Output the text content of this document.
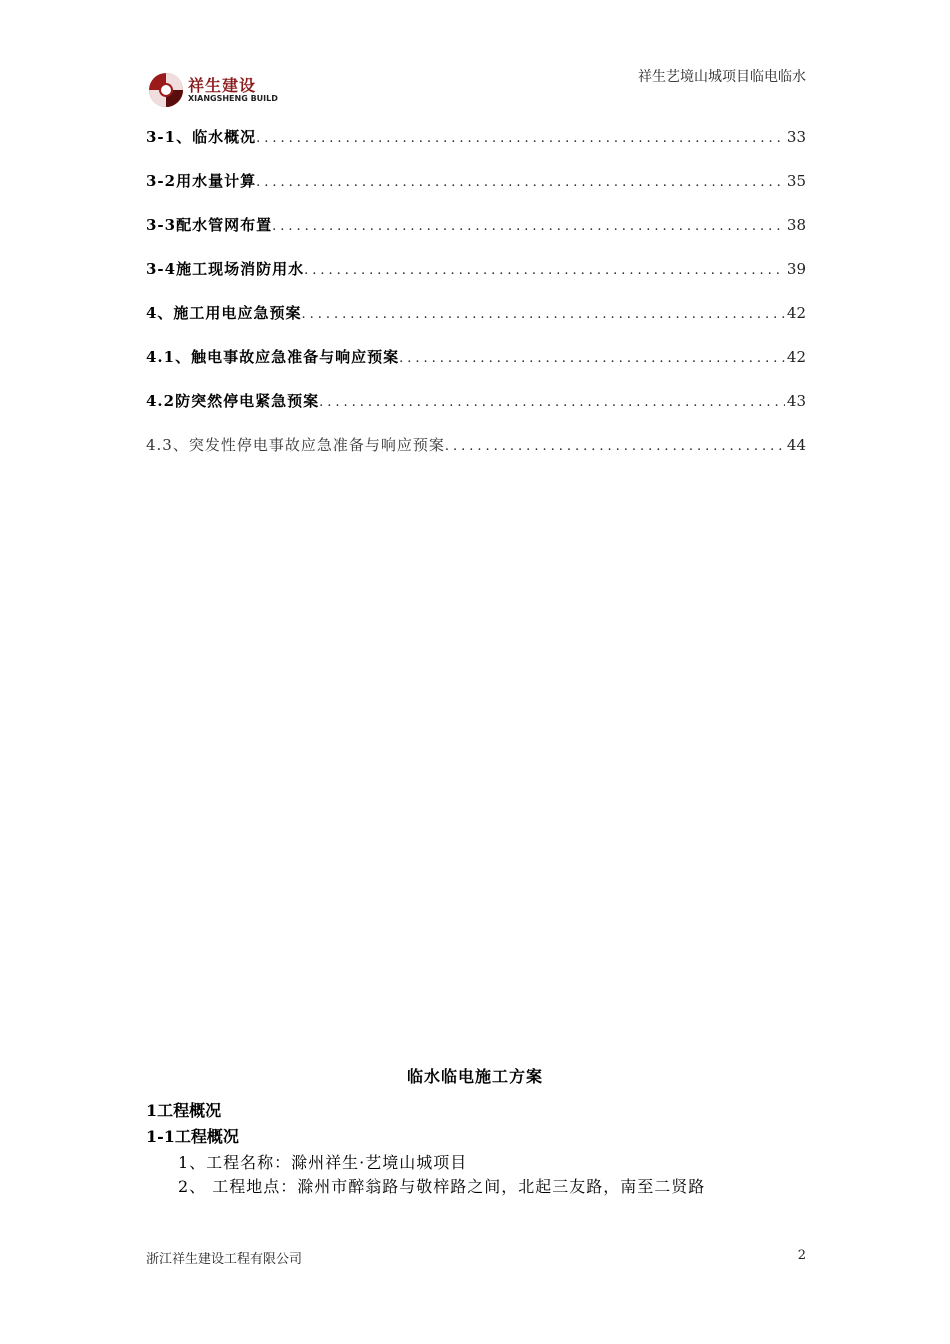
祥生建设
XIANGSHENG BUILD
祥生艺境山城项目临电临水
3-1、临水概况 .....	33
3-2用水量计算 .....	35
3-3配水管网布置 .....	38
3-4施工现场消防用水 .....	39
4、施工用电应急预案 .....	42
4.1、触电事故应急准备与响应预案 .....	42
4.2防突然停电紧急预案 .....	43
4.3、突发性停电事故应急准备与响应预案 .....	44
临水临电施工方案
1工程概况
1-1工程概况
1、工程名称：滁州祥生·艺境山城项目
2、 工程地点：滁州市醉翁路与敬梓路之间，北起三友路，南至二贤路
浙江祥生建设工程有限公司	2
